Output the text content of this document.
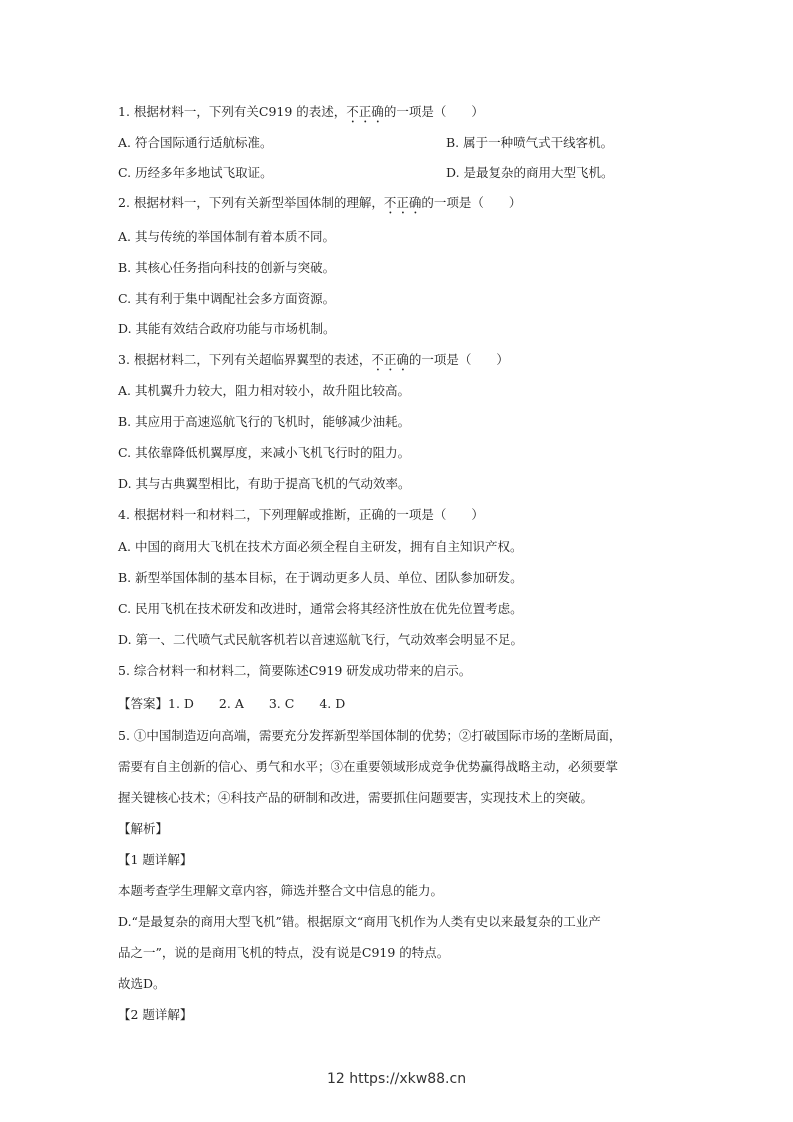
1. 根据材料一，下列有关C919 的表述，不正确的一项是（　　）
A. 符合国际通行适航标准。	B. 属于一种喷气式干线客机。
C. 历经多年多地试飞取证。	D. 是最复杂的商用大型飞机。
2. 根据材料一，下列有关新型举国体制的理解，不正确的一项是（　　）
A. 其与传统的举国体制有着本质不同。
B. 其核心任务指向科技的创新与突破。
C. 其有利于集中调配社会多方面资源。
D. 其能有效结合政府功能与市场机制。
3. 根据材料二，下列有关超临界翼型的表述，不正确的一项是（　　）
A. 其机翼升力较大，阻力相对较小，故升阻比较高。
B. 其应用于高速巡航飞行的飞机时，能够减少油耗。
C. 其依靠降低机翼厚度，来减小飞机飞行时的阻力。
D. 其与古典翼型相比，有助于提高飞机的气动效率。
4. 根据材料一和材料二，下列理解或推断，正确的一项是（　　）
A. 中国的商用大飞机在技术方面必须全程自主研发，拥有自主知识产权。
B. 新型举国体制的基本目标，在于调动更多人员、单位、团队参加研发。
C. 民用飞机在技术研发和改进时，通常会将其经济性放在优先位置考虑。
D. 第一、二代喷气式民航客机若以音速巡航飞行，气动效率会明显不足。
5. 综合材料一和材料二，简要陈述C919 研发成功带来的启示。
【答案】1. D　　2. A　　3. C　　4. D
5. ①中国制造迈向高端，需要充分发挥新型举国体制的优势；②打破国际市场的垄断局面，
需要有自主创新的信心、勇气和水平；③在重要领域形成竞争优势赢得战略主动，必须要掌
握关键核心技术；④科技产品的研制和改进，需要抓住问题要害，实现技术上的突破。
【解析】
【1 题详解】
本题考查学生理解文章内容，筛选并整合文中信息的能力。
D.“是最复杂的商用大型飞机”错。根据原文“商用飞机作为人类有史以来最复杂的工业产
品之一”，说的是商用飞机的特点，没有说是C919 的特点。
故选D。
【2 题详解】
12 https://xkw88.cn
